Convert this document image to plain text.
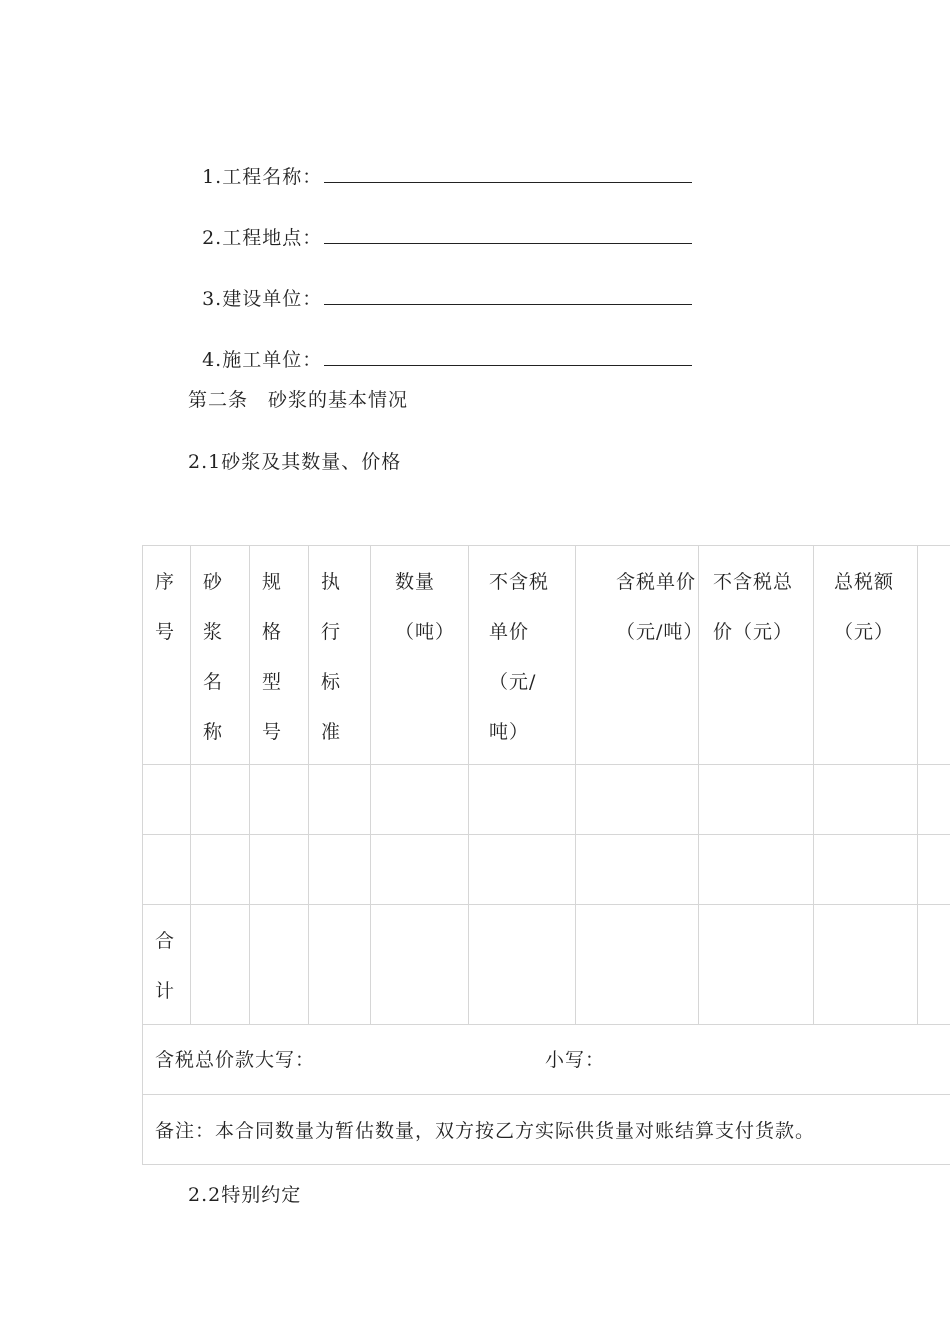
1.工程名称：

2.工程地点：

3.建设单位：

4.施工单位：

第二条　砂浆的基本情况
2.1砂浆及其数量、价格
序号	砂浆名称	规格型号	执行标准	数量（吨）	不含税单价（元/吨）	含税单价（元/吨）	不含税总价（元）	总税额（元）	

合计									

含税总价款大写： 小写：									

备注：本合同数量为暂估数量，双方按乙方实际供货量对账结算支付货款。									
2.2特别约定
